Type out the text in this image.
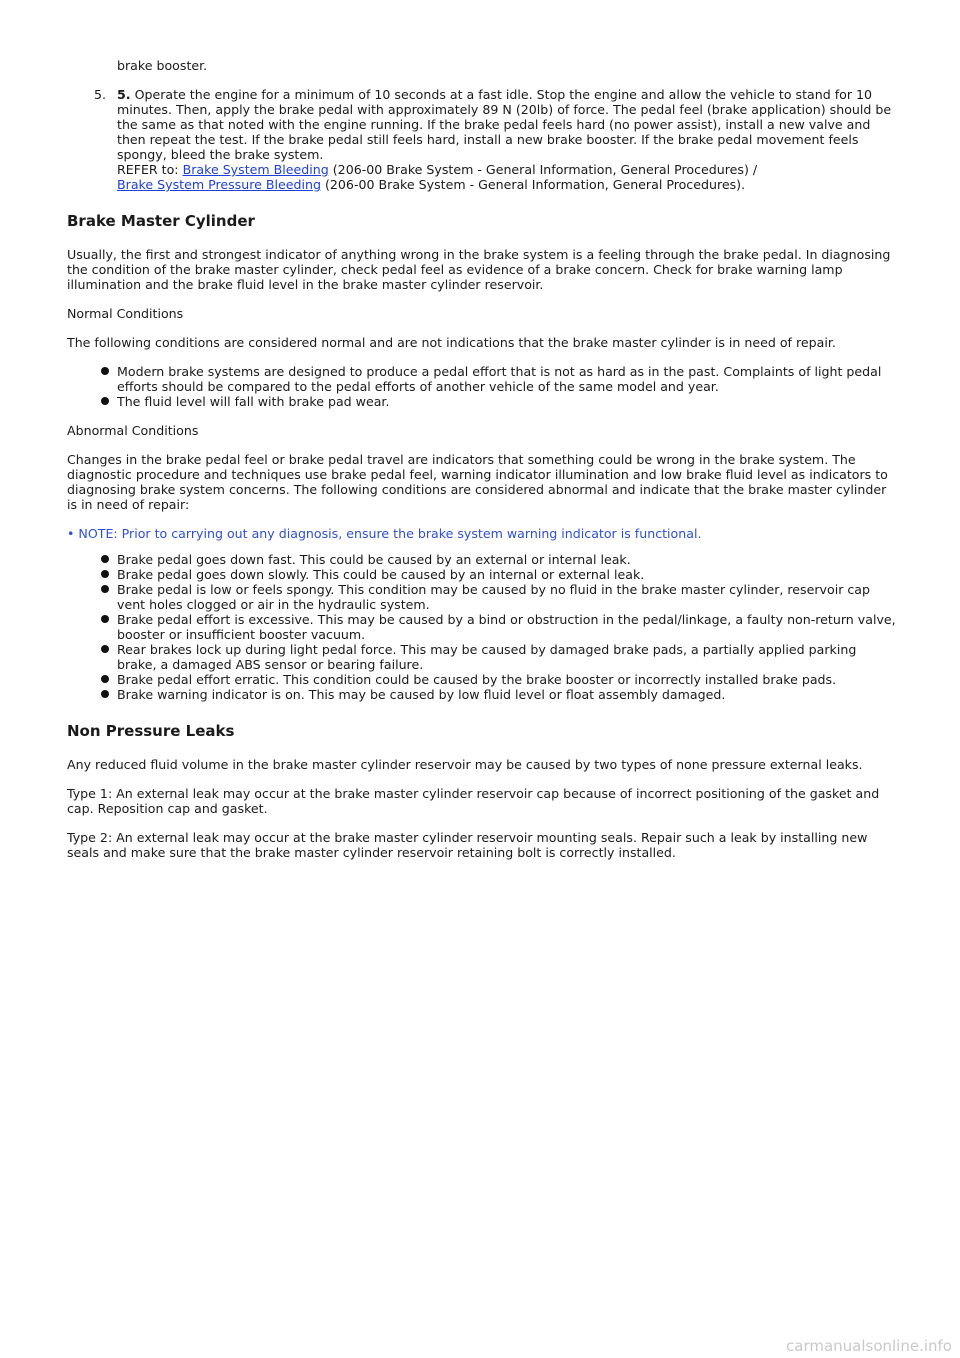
brake booster.

5. 5. Operate the engine for a minimum of 10 seconds at a fast idle. Stop the engine and allow the vehicle to stand for 10 minutes. Then, apply the brake pedal with approximately 89 N (20lb) of force. The pedal feel (brake application) should be the same as that noted with the engine running. If the brake pedal feels hard (no power assist), install a new valve and then repeat the test. If the brake pedal still feels hard, install a new brake booster. If the brake pedal movement feels spongy, bleed the brake system.
REFER to: Brake System Bleeding (206-00 Brake System - General Information, General Procedures) /
Brake System Pressure Bleeding (206-00 Brake System - General Information, General Procedures).
Brake Master Cylinder

Usually, the first and strongest indicator of anything wrong in the brake system is a feeling through the brake pedal. In diagnosing the condition of the brake master cylinder, check pedal feel as evidence of a brake concern. Check for brake warning lamp illumination and the brake fluid level in the brake master cylinder reservoir.

Normal Conditions

The following conditions are considered normal and are not indications that the brake master cylinder is in need of repair.

Modern brake systems are designed to produce a pedal effort that is not as hard as in the past. Complaints of light pedal efforts should be compared to the pedal efforts of another vehicle of the same model and year.
The fluid level will fall with brake pad wear.

Abnormal Conditions

Changes in the brake pedal feel or brake pedal travel are indicators that something could be wrong in the brake system. The diagnostic procedure and techniques use brake pedal feel, warning indicator illumination and low brake fluid level as indicators to diagnosing brake system concerns. The following conditions are considered abnormal and indicate that the brake master cylinder is in need of repair:

• NOTE: Prior to carrying out any diagnosis, ensure the brake system warning indicator is functional.

Brake pedal goes down fast. This could be caused by an external or internal leak.
Brake pedal goes down slowly. This could be caused by an internal or external leak.
Brake pedal is low or feels spongy. This condition may be caused by no fluid in the brake master cylinder, reservoir cap vent holes clogged or air in the hydraulic system.
Brake pedal effort is excessive. This may be caused by a bind or obstruction in the pedal/linkage, a faulty non-return valve, booster or insufficient booster vacuum.
Rear brakes lock up during light pedal force. This may be caused by damaged brake pads, a partially applied parking brake, a damaged ABS sensor or bearing failure.
Brake pedal effort erratic. This condition could be caused by the brake booster or incorrectly installed brake pads.
Brake warning indicator is on. This may be caused by low fluid level or float assembly damaged.
Non Pressure Leaks

Any reduced fluid volume in the brake master cylinder reservoir may be caused by two types of none pressure external leaks.

Type 1: An external leak may occur at the brake master cylinder reservoir cap because of incorrect positioning of the gasket and cap. Reposition cap and gasket.

Type 2: An external leak may occur at the brake master cylinder reservoir mounting seals. Repair such a leak by installing new seals and make sure that the brake master cylinder reservoir retaining bolt is correctly installed.

carmanualsonline.info
